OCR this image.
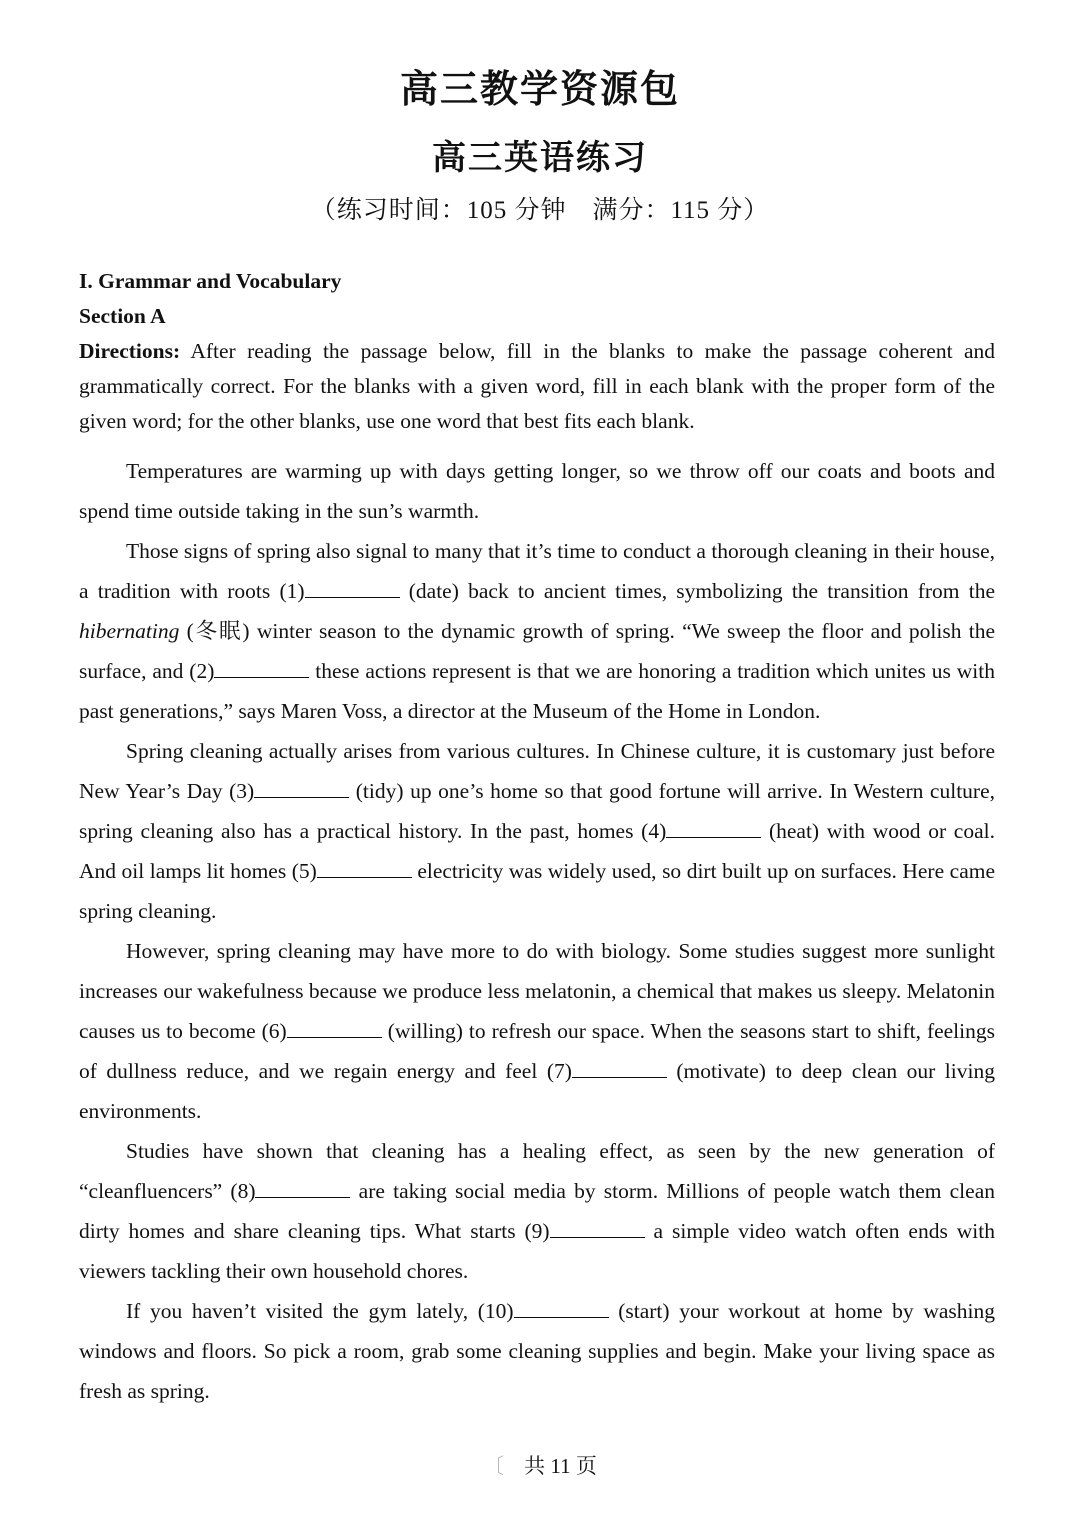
高三教学资源包
高三英语练习
（练习时间：105 分钟　满分：115 分）

I. Grammar and Vocabulary

Section A

Directions: After reading the passage below, fill in the blanks to make the passage coherent and grammatically correct. For the blanks with a given word, fill in each blank with the proper form of the given word; for the other blanks, use one word that best fits each blank.

Temperatures are warming up with days getting longer, so we throw off our coats and boots and spend time outside taking in the sun’s warmth.

Those signs of spring also signal to many that it’s time to conduct a thorough cleaning in their house, a tradition with roots (1)	(date) back to ancient times, symbolizing the transition from the hibernating (冬眠) winter season to the dynamic growth of spring. “We sweep the floor and polish the surface, and (2)	these actions represent is that we are honoring a tradition which unites us with past generations,” says Maren Voss, a director at the Museum of the Home in London.

Spring cleaning actually arises from various cultures. In Chinese culture, it is customary just before New Year’s Day (3)	(tidy) up one’s home so that good fortune will arrive. In Western culture, spring cleaning also has a practical history. In the past, homes (4)	(heat) with wood or coal. And oil lamps lit homes (5)	electricity was widely used, so dirt built up on surfaces. Here came spring cleaning.

However, spring cleaning may have more to do with biology. Some studies suggest more sunlight increases our wakefulness because we produce less melatonin, a chemical that makes us sleepy. Melatonin causes us to become (6)	(willing) to refresh our space. When the seasons start to shift, feelings of dullness reduce, and we regain energy and feel (7)	(motivate) to deep clean our living environments.

Studies have shown that cleaning has a healing effect, as seen by the new generation of “cleanfluencers” (8)	are taking social media by storm. Millions of people watch them clean dirty homes and share cleaning tips. What starts (9)	a simple video watch often ends with viewers tackling their own household chores.

If you haven’t visited the gym lately, (10)	(start) your workout at home by washing windows and floors. So pick a room, grab some cleaning supplies and begin. Make your living space as fresh as spring.

〔 共 11 页
